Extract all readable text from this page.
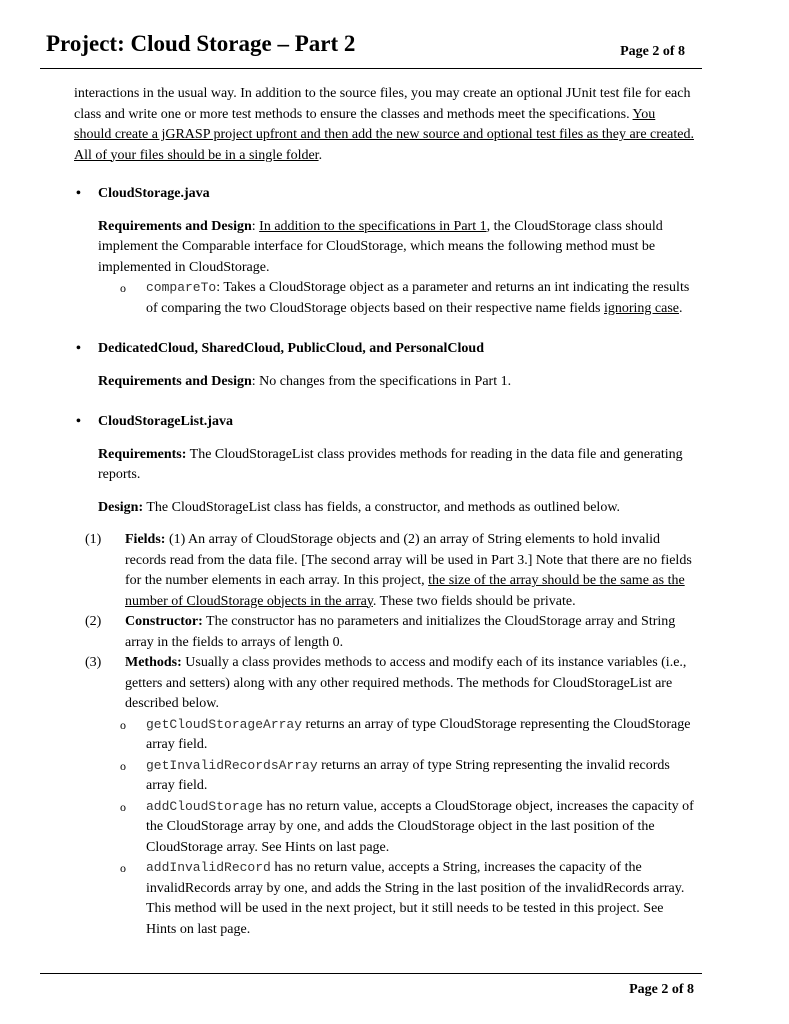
Project: Cloud Storage – Part 2	Page 2 of 8

interactions in the usual way. In addition to the source files, you may create an optional JUnit test file for each class and write one or more test methods to ensure the classes and methods meet the specifications. You should create a jGRASP project upfront and then add the new source and optional test files as they are created. All of your files should be in a single folder.

• CloudStorage.java

Requirements and Design: In addition to the specifications in Part 1, the CloudStorage class should implement the Comparable interface for CloudStorage, which means the following method must be implemented in CloudStorage.

o compareTo: Takes a CloudStorage object as a parameter and returns an int indicating the results of comparing the two CloudStorage objects based on their respective name fields ignoring case.

• DedicatedCloud, SharedCloud, PublicCloud, and PersonalCloud

Requirements and Design: No changes from the specifications in Part 1.

• CloudStorageList.java

Requirements: The CloudStorageList class provides methods for reading in the data file and generating reports.

Design: The CloudStorageList class has fields, a constructor, and methods as outlined below.

(1) Fields: (1) An array of CloudStorage objects and (2) an array of String elements to hold invalid records read from the data file. [The second array will be used in Part 3.] Note that there are no fields for the number elements in each array. In this project, the size of the array should be the same as the number of CloudStorage objects in the array. These two fields should be private.

(2) Constructor: The constructor has no parameters and initializes the CloudStorage array and String array in the fields to arrays of length 0.

(3) Methods: Usually a class provides methods to access and modify each of its instance variables (i.e., getters and setters) along with any other required methods. The methods for CloudStorageList are described below.

o getCloudStorageArray returns an array of type CloudStorage representing the CloudStorage array field.

o getInvalidRecordsArray returns an array of type String representing the invalid records array field.

o addCloudStorage has no return value, accepts a CloudStorage object, increases the capacity of the CloudStorage array by one, and adds the CloudStorage object in the last position of the CloudStorage array. See Hints on last page.

o addInvalidRecord has no return value, accepts a String, increases the capacity of the invalidRecords array by one, and adds the String in the last position of the invalidRecords array. This method will be used in the next project, but it still needs to be tested in this project. See Hints on last page.

Page 2 of 8
